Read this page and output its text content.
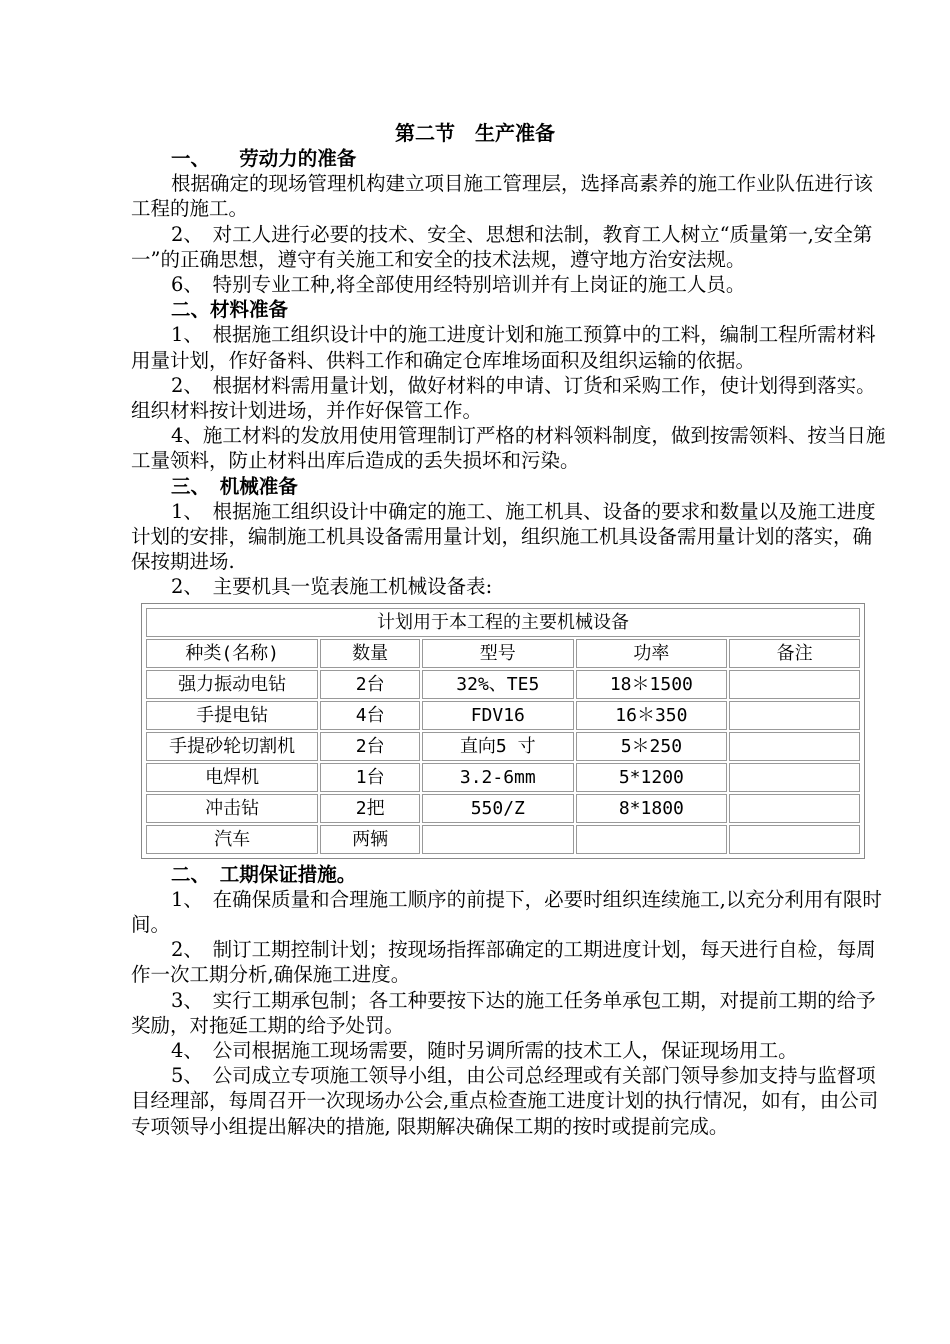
第二节　生产准备
一、　　劳动力的准备

根据确定的现场管理机构建立项目施工管理层，选择高素养的施工作业队伍进行该工程的施工。

2、　对工人进行必要的技术、安全、思想和法制，教育工人树立“质量第一,安全第一”的正确思想，遵守有关施工和安全的技术法规，遵守地方治安法规。

6、　特别专业工种,将全部使用经特别培训并有上岗证的施工人员。

二、材料准备

1、　根据施工组织设计中的施工进度计划和施工预算中的工料，编制工程所需材料用量计划，作好备料、供料工作和确定仓库堆场面积及组织运输的依据。

2、　根据材料需用量计划，做好材料的申请、订货和采购工作，使计划得到落实。组织材料按计划进场，并作好保管工作。

4、施工材料的发放用使用管理制订严格的材料领料制度，做到按需领料、按当日施工量领料，防止材料出库后造成的丢失损坏和污染。

三、　机械准备

1、　根据施工组织设计中确定的施工、施工机具、设备的要求和数量以及施工进度计划的安排，编制施工机具设备需用量计划，组织施工机具设备需用量计划的落实，确保按期进场.

2、　主要机具一览表施工机械设备表:

计划用于本工程的主要机械设备				
种类(名称)	数量	型号	功率	备注
强力振动电钻	2台	32%、TE5	18＊1500	
手提电钻	4台	FDV16	16＊350	
手提砂轮切割机	2台	直向5 寸	5＊250	
电焊机	1台	3.2-6mm	5*1200	
冲击钻	2把	550/Z	8*1800	
汽车	两辆			
二、　工期保证措施。

1、　在确保质量和合理施工顺序的前提下，必要时组织连续施工,以充分利用有限时间。

2、　制订工期控制计划；按现场指挥部确定的工期进度计划，每天进行自检，每周作一次工期分析,确保施工进度。

3、　实行工期承包制；各工种要按下达的施工任务单承包工期，对提前工期的给予奖励，对拖延工期的给予处罚。

4、　公司根据施工现场需要，随时另调所需的技术工人，保证现场用工。

5、　公司成立专项施工领导小组，由公司总经理或有关部门领导参加支持与监督项目经理部，每周召开一次现场办公会,重点检查施工进度计划的执行情况，如有，由公司专项领导小组提出解决的措施, 限期解决确保工期的按时或提前完成。
